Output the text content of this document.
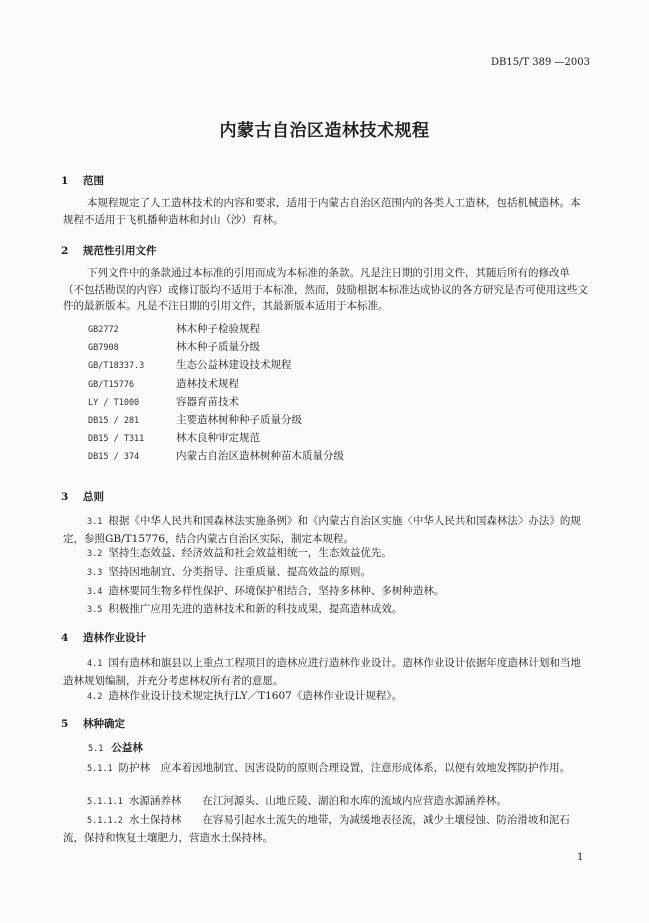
DB15/T 389 —2003
内蒙古自治区造林技术规程
1 范围
本规程规定了人工造林技术的内容和要求，适用于内蒙古自治区范围内的各类人工造林，包括机械造林。本规程不适用于飞机播种造林和封山（沙）育林。
2 规范性引用文件
下列文件中的条款通过本标准的引用而成为本标准的条款。凡是注日期的引用文件，其随后所有的修改单（不包括勘误的内容）或修订版均不适用于本标准，然而，鼓励根据本标准达成协议的各方研究是否可使用这些文件的最新版本。凡是不注日期的引用文件，其最新版本适用于本标准。
GB2772	林木种子检验规程
GB7908	林木种子质量分级
GB/T18337.3	生态公益林建设技术规程
GB/T15776	造林技术规程
LY / T1000	容器育苗技术
DB15 / 281	主要造林树种种子质量分级
DB15 / T311	林木良种审定规范
DB15 / 374	内蒙古自治区造林树种苗木质量分级
3 总则
3.1 根据《中华人民共和国森林法实施条例》和《内蒙古自治区实施〈中华人民共和国森林法〉办法》的规定，参照GB/T15776，结合内蒙古自治区实际，制定本规程。
3.2 坚持生态效益、经济效益和社会效益相统一，生态效益优先。
3.3 坚持因地制宜、分类指导、注重质量、提高效益的原则。
3.4 造林要同生物多样性保护、环境保护相结合，坚持多林种、多树种造林。
3.5 积极推广应用先进的造林技术和新的科技成果，提高造林成效。
4 造林作业设计
4.1 国有造林和旗县以上重点工程项目的造林应进行造林作业设计。造林作业设计依据年度造林计划和当地造林规划编制，并充分考虑林权所有者的意愿。
4.2 造林作业设计技术规定执行LY／T1607《造林作业设计规程》。
5 林种确定
5.1 公益林
5.1.1 防护林　应本着因地制宜、因害设防的原则合理设置，注意形成体系，以便有效地发挥防护作用。
5.1.1.1 水源涵养林　　在江河源头、山地丘陵、湖泊和水库的流域内应营造水源涵养林。
5.1.1.2 水土保持林　　在容易引起水土流失的地带，为减缓地表径流，减少土壤侵蚀、防治滑坡和泥石流，保持和恢复土壤肥力，营造水土保持林。
1
